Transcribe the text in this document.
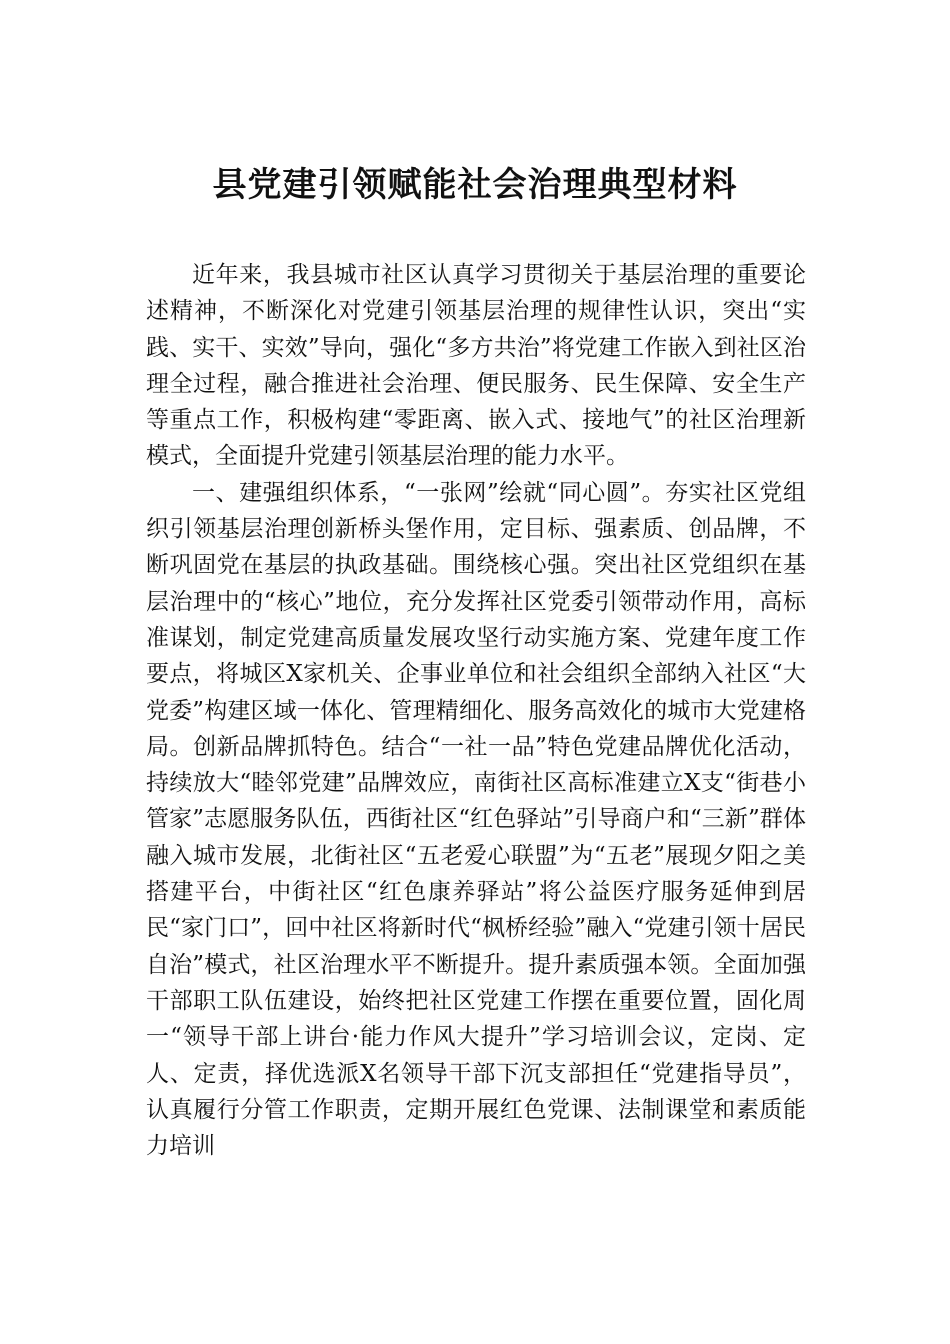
县党建引领赋能社会治理典型材料

近年来，我县城市社区认真学习贯彻关于基层治理的重要论述精神，不断深化对党建引领基层治理的规律性认识，突出“实践、实干、实效”导向，强化“多方共治”将党建工作嵌入到社区治理全过程，融合推进社会治理、便民服务、民生保障、安全生产等重点工作，积极构建“零距离、嵌入式、接地气”的社区治理新模式，全面提升党建引领基层治理的能力水平。

一、建强组织体系，“一张网”绘就“同心圆”。夯实社区党组织引领基层治理创新桥头堡作用，定目标、强素质、创品牌，不断巩固党在基层的执政基础。围绕核心强。突出社区党组织在基层治理中的“核心”地位，充分发挥社区党委引领带动作用，高标准谋划，制定党建高质量发展攻坚行动实施方案、党建年度工作要点，将城区X家机关、企事业单位和社会组织全部纳入社区“大党委”构建区域一体化、管理精细化、服务高效化的城市大党建格局。创新品牌抓特色。结合“一社一品”特色党建品牌优化活动，持续放大“睦邻党建”品牌效应，南街社区高标准建立X支“街巷小管家”志愿服务队伍，西街社区“红色驿站”引导商户和“三新”群体融入城市发展，北街社区“五老爱心联盟”为“五老”展现夕阳之美搭建平台，中街社区“红色康养驿站”将公益医疗服务延伸到居民“家门口”，回中社区将新时代“枫桥经验”融入“党建引领十居民自治”模式，社区治理水平不断提升。提升素质强本领。全面加强干部职工队伍建设，始终把社区党建工作摆在重要位置，固化周一“领导干部上讲台·能力作风大提升”学习培训会议，定岗、定人、定责，择优选派X名领导干部下沉支部担任“党建指导员”，认真履行分管工作职责，定期开展红色党课、法制课堂和素质能力培训
